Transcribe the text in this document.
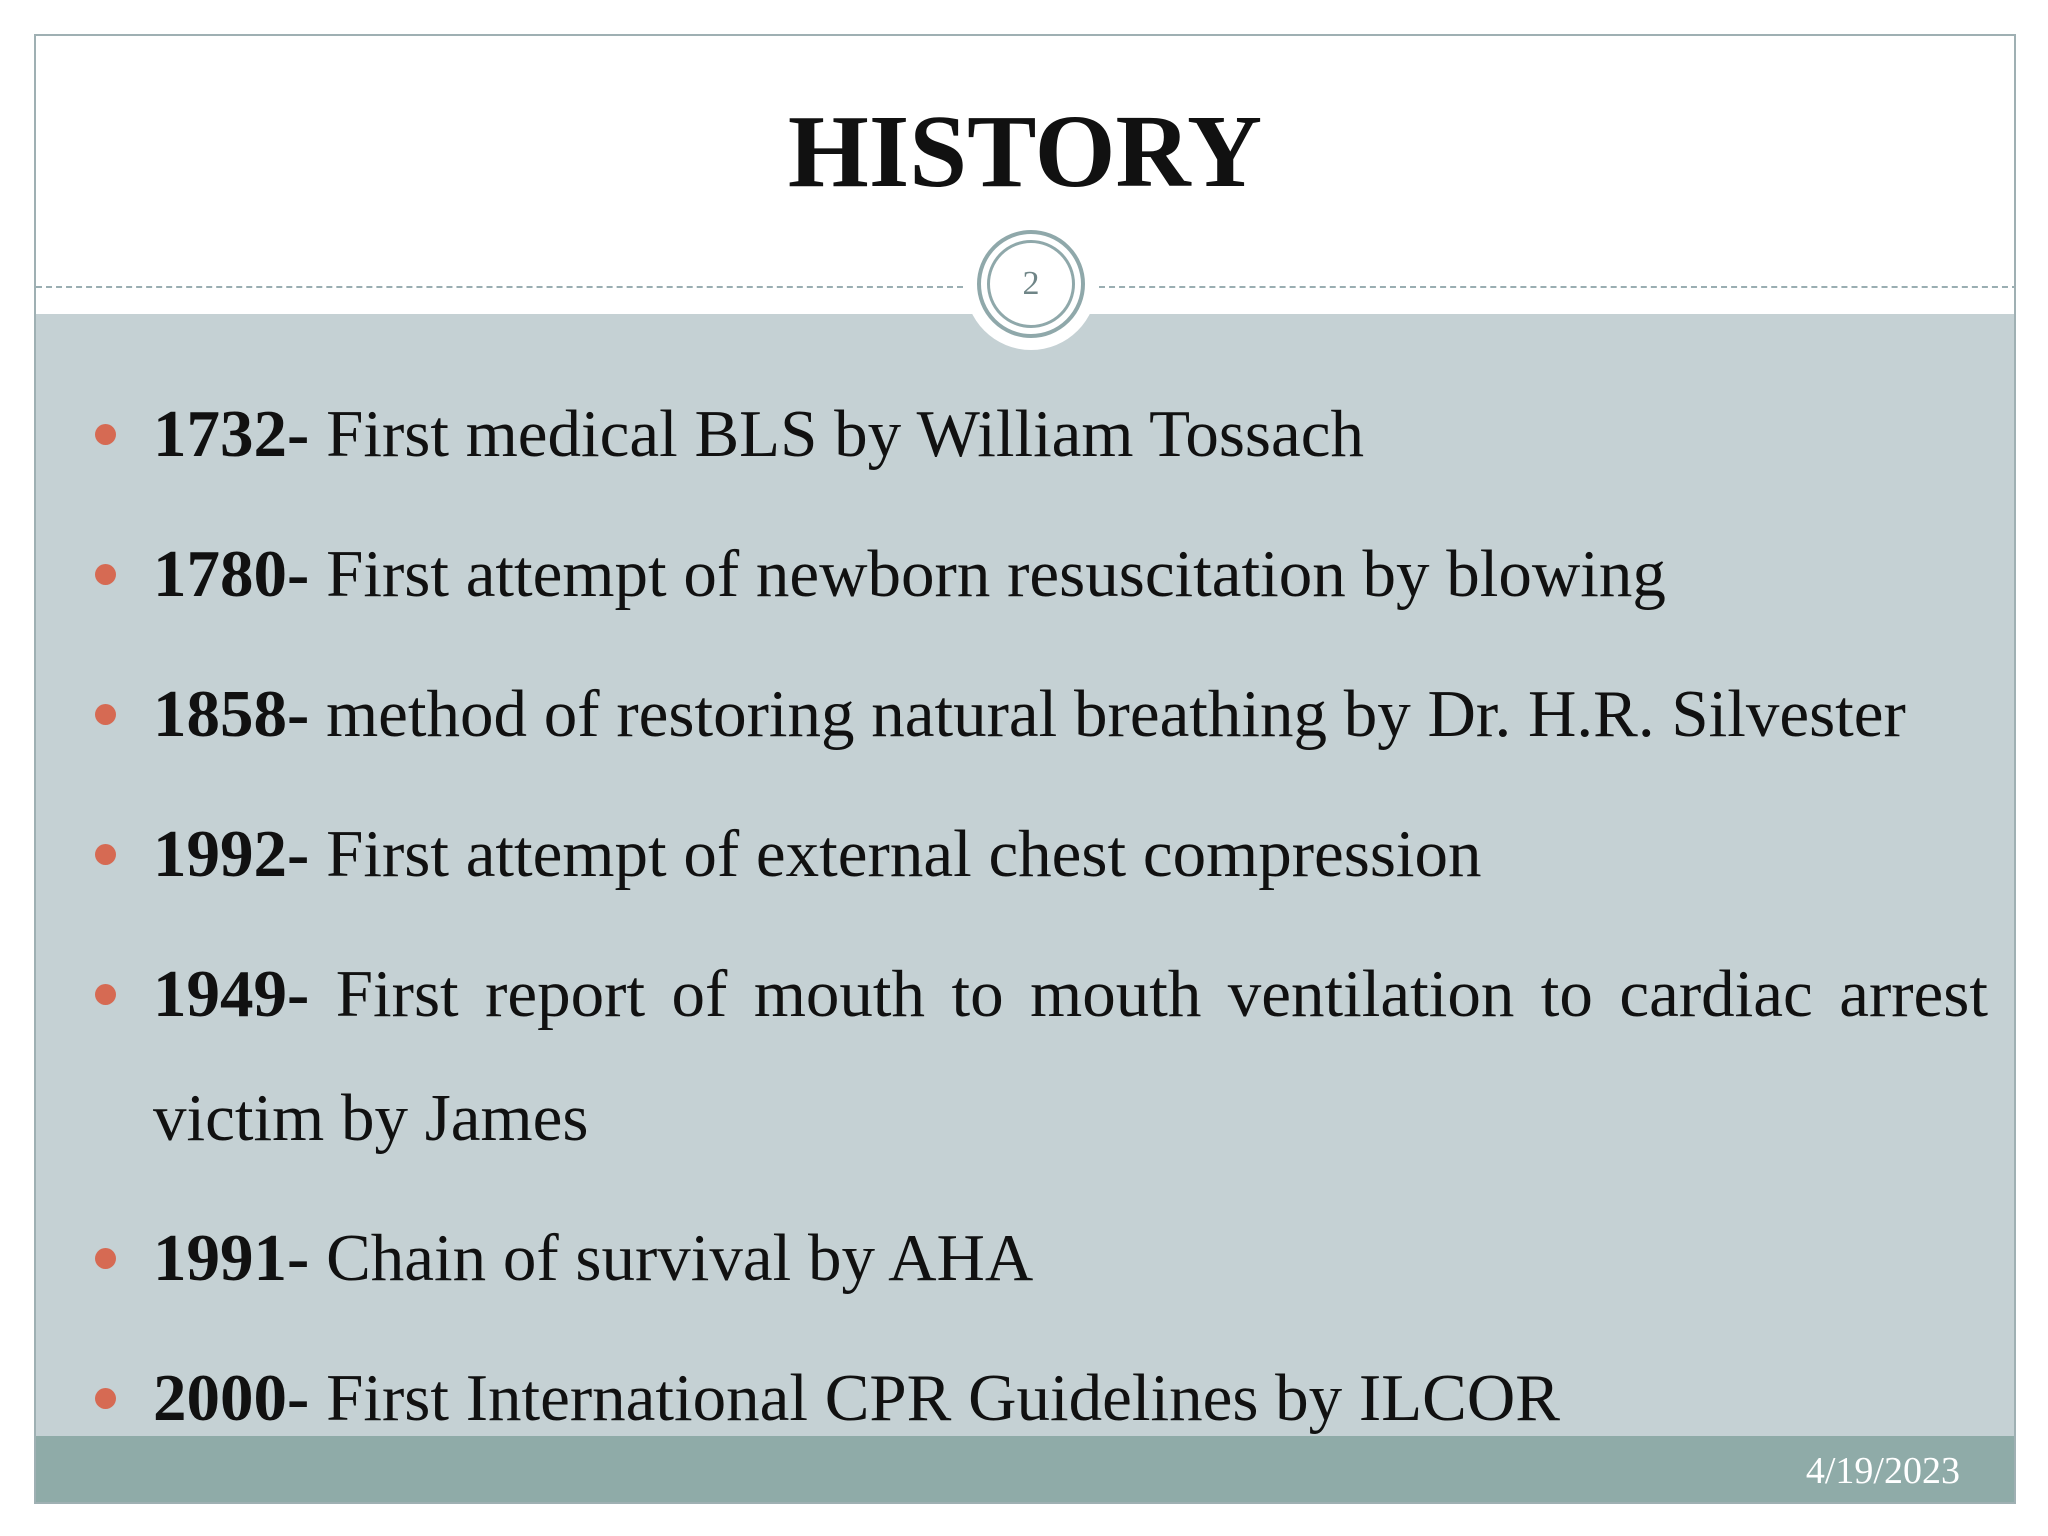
HISTORY
2
1732- First medical BLS by William Tossach
1780- First attempt of newborn resuscitation by blowing
1858- method of restoring natural breathing by Dr. H.R. Silvester
1992- First attempt of external chest compression
1949- First report of mouth to mouth ventilation to cardiac arrest victim by James
1991- Chain of survival by AHA
2000- First International CPR Guidelines by ILCOR
4/19/2023
